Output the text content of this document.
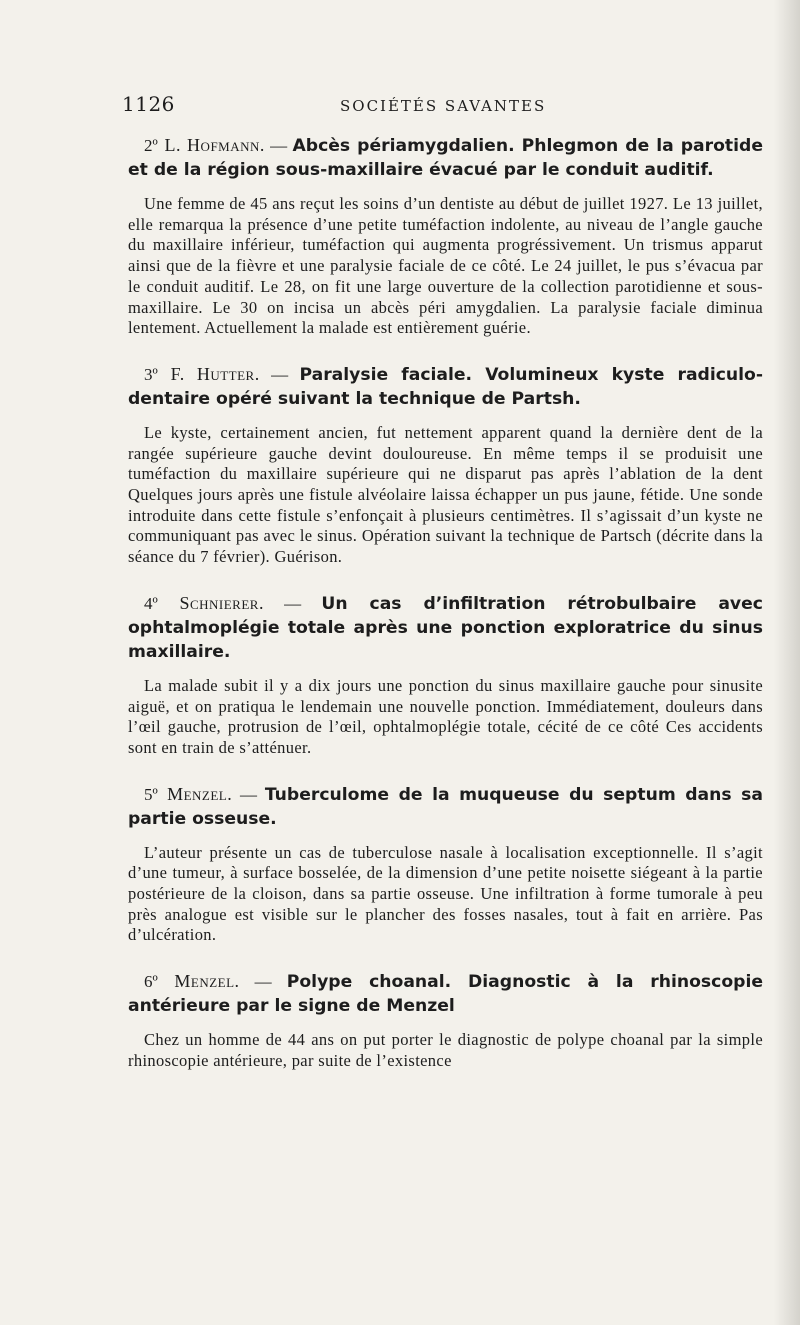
1126	SOCIÉTÉS SAVANTES

2º L. Hofmann. — Abcès périamygdalien. Phlegmon de la parotide et de la région sous-maxillaire évacué par le conduit auditif.

Une femme de 45 ans reçut les soins d’un dentiste au début de juillet 1927. Le 13 juillet, elle remarqua la présence d’une petite tuméfaction indolente, au niveau de l’angle gauche du maxillaire inférieur, tuméfaction qui augmenta progréssivement. Un trismus apparut ainsi que de la fièvre et une paralysie faciale de ce côté. Le 24 juillet, le pus s’évacua par le conduit auditif. Le 28, on fit une large ouverture de la collection parotidienne et sous-maxillaire. Le 30 on incisa un abcès péri amygdalien. La paralysie faciale diminua lentement. Actuellement la malade est entièrement guérie.

3º F. Hutter. — Paralysie faciale. Volumineux kyste radiculo-dentaire opéré suivant la technique de Partsh.

Le kyste, certainement ancien, fut nettement apparent quand la dernière dent de la rangée supérieure gauche devint douloureuse. En même temps il se produisit une tuméfaction du maxillaire supérieure qui ne disparut pas après l’ablation de la dent Quelques jours après une fistule alvéolaire laissa échapper un pus jaune, fétide. Une sonde introduite dans cette fistule s’enfonçait à plusieurs centimètres. Il s’agissait d’un kyste ne communiquant pas avec le sinus. Opération suivant la technique de Partsch (décrite dans la séance du 7 février). Guérison.

4º Schnierer. — Un cas d’infiltration rétrobulbaire avec ophtalmoplégie totale après une ponction exploratrice du sinus maxillaire.

La malade subit il y a dix jours une ponction du sinus maxillaire gauche pour sinusite aiguë, et on pratiqua le lendemain une nouvelle ponction. Immédiatement, douleurs dans l’œil gauche, protrusion de l’œil, ophtalmoplégie totale, cécité de ce côté Ces accidents sont en train de s’atténuer.

5º Menzel. — Tuberculome de la muqueuse du septum dans sa partie osseuse.

L’auteur présente un cas de tuberculose nasale à localisation exceptionnelle. Il s’agit d’une tumeur, à surface bosselée, de la dimension d’une petite noisette siégeant à la partie postérieure de la cloison, dans sa partie osseuse. Une infiltration à forme tumorale à peu près analogue est visible sur le plancher des fosses nasales, tout à fait en arrière. Pas d’ulcération.

6º Menzel. — Polype choanal. Diagnostic à la rhinoscopie antérieure par le signe de Menzel

Chez un homme de 44 ans on put porter le diagnostic de polype choanal par la simple rhinoscopie antérieure, par suite de l’existence
